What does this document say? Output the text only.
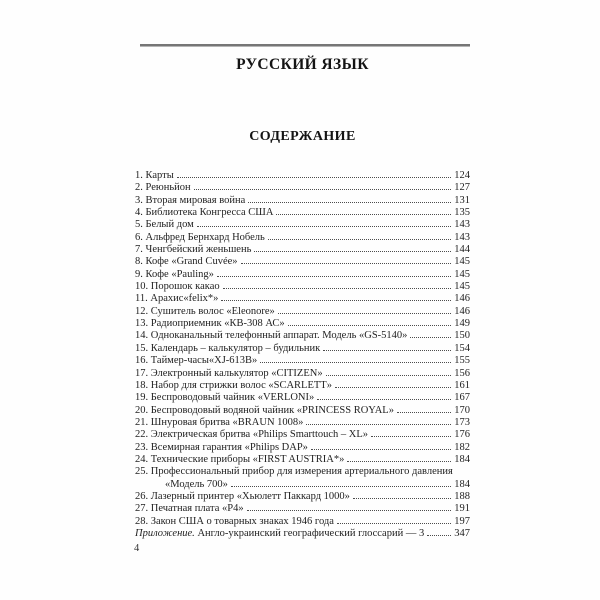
РУССКИЙ ЯЗЫК
СОДЕРЖАНИЕ
1. Карты	124
2. Реюньйон	127
3. Вторая мировая война	131
4. Библиотека Конгресса США	135
5. Белый дом	143
6. Альфред Бернхард Нобель	143
7. Ченгбейский женьшень	144
8. Кофе «Grand Cuvée»	145
9. Кофе «Pauling»	145
10. Порошок какао	145
11. Арахис«felix*»	146
12. Сушитель волос «Eleonore»	146
13. Радиоприемник «КВ-308 АС»	149
14. Одноканальный телефонный аппарат. Модель «GS-5140»	150
15. Календарь – калькулятор – будильник	154
16. Таймер-часы«XJ-613B»	155
17. Электронный калькулятор «CITIZEN»	156
18. Набор для стрижки волос «SCARLETT»	161
19. Беспроводовый чайник «VERLONI»	167
20. Беспроводовый водяной чайник «PRINCESS ROYAL»	170
21. Шнуровая бритва «BRAUN 1008»	173
22. Электрическая бритва «Philips Smarttouch – XL»	176
23. Всемирная гарантия «Philips DAP»	182
24. Технические приборы «FIRST AUSTRIA*»	184
25. Профессиональный прибор для измерения артериального давления
«Модель 700»	184
26. Лазерный принтер «Хьюлетт Паккард 1000»	188
27. Печатная плата «Р4»	191
28. Закон США о товарных знаках 1946 года	197
Приложение. Англо-украинский географический глоссарий — 3	347
4
